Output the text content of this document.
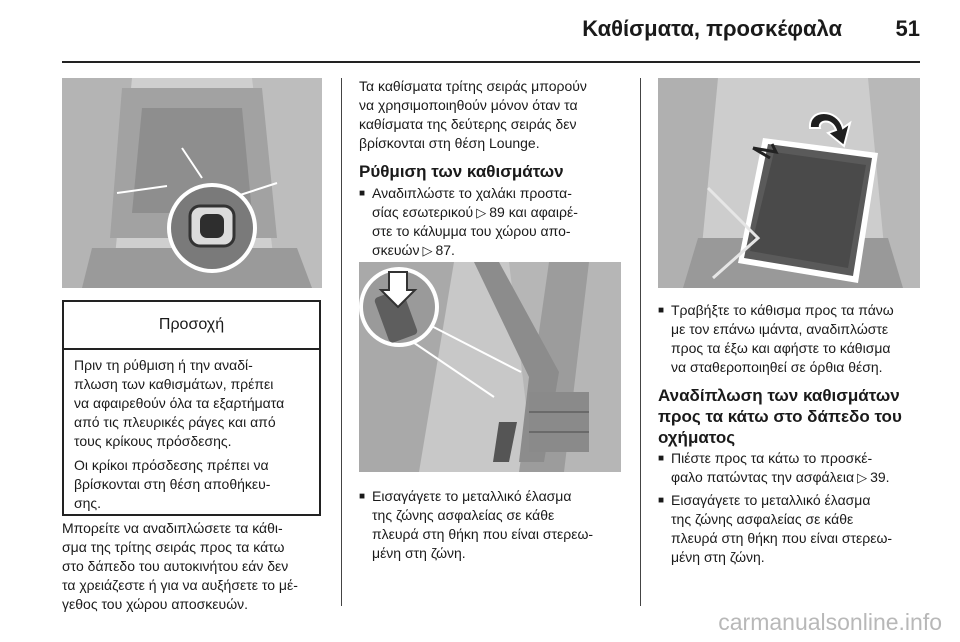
Καθίσματα, προσκέφαλα 51
Προσοχή

Πριν τη ρύθμιση ή την αναδί-
πλωση των καθισμάτων, πρέπει
να αφαιρεθούν όλα τα εξαρτήματα
από τις πλευρικές ράγες και από
τους κρίκους πρόσδεσης.

Οι κρίκοι πρόσδεσης πρέπει να
βρίσκονται στη θέση αποθήκευ-
σης.

Μπορείτε να αναδιπλώσετε τα κάθι-
σμα της τρίτης σειράς προς τα κάτω
στο δάπεδο του αυτοκινήτου εάν δεν
τα χρειάζεστε ή για να αυξήσετε το μέ-
γεθος του χώρου αποσκευών.
Τα καθίσματα τρίτης σειράς μπορούν
να χρησιμοποιηθούν μόνον όταν τα
καθίσματα της δεύτερης σειράς δεν
βρίσκονται στη θέση Lounge.
Ρύθμιση των καθισμάτων
■ Αναδιπλώστε το χαλάκι προστα-
σίας εσωτερικού ▷ 89 και αφαιρέ-
στε το κάλυμμα του χώρου απο-
σκευών ▷ 87.
■ Εισαγάγετε το μεταλλικό έλασμα
της ζώνης ασφαλείας σε κάθε
πλευρά στη θήκη που είναι στερεω-
μένη στη ζώνη.
■ Τραβήξτε το κάθισμα προς τα πάνω
με τον επάνω ιμάντα, αναδιπλώστε
προς τα έξω και αφήστε το κάθισμα
να σταθεροποιηθεί σε όρθια θέση.
Αναδίπλωση των καθισμάτων
προς τα κάτω στο δάπεδο του
οχήματος
■ Πιέστε προς τα κάτω το προσκέ-
φαλο πατώντας την ασφάλεια ▷ 39.
■ Εισαγάγετε το μεταλλικό έλασμα
της ζώνης ασφαλείας σε κάθε
πλευρά στη θήκη που είναι στερεω-
μένη στη ζώνη.
carmanualsonline.info
